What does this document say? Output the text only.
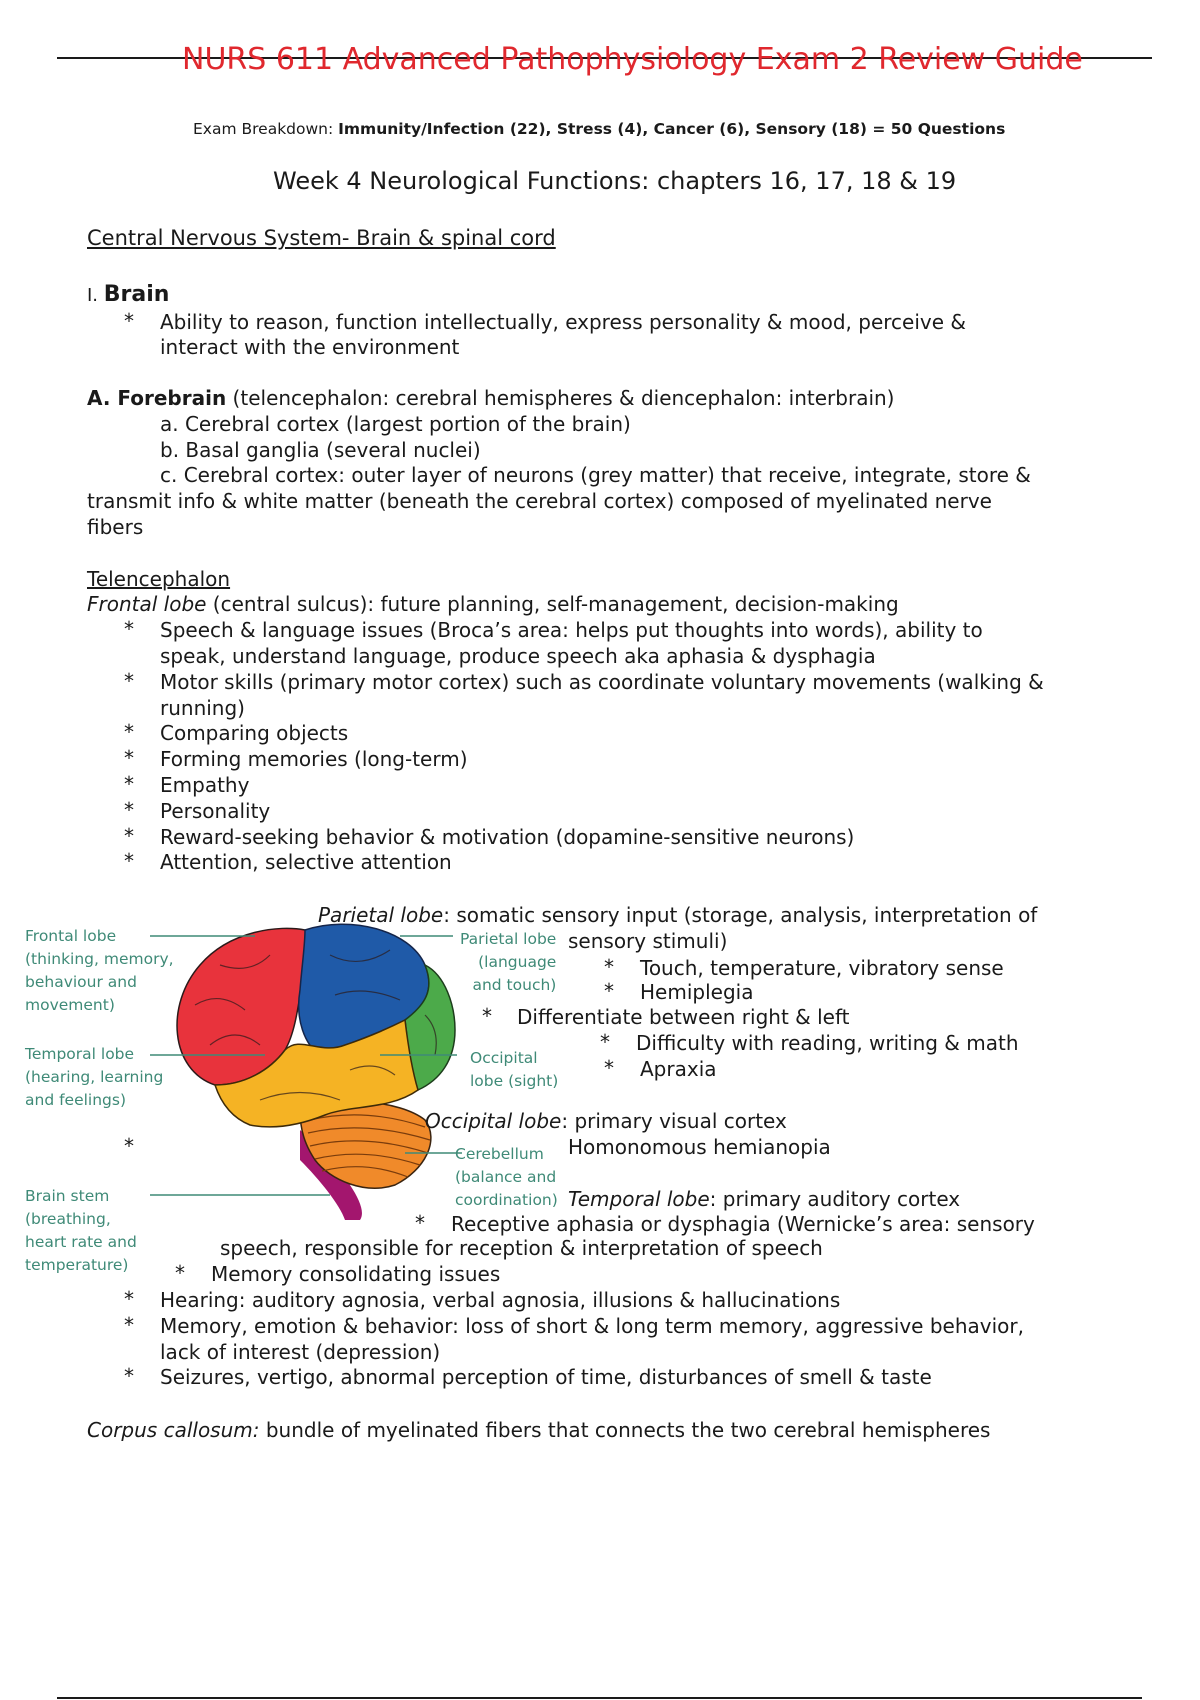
NURS 611 Advanced Pathophysiology Exam 2 Review Guide
Exam Breakdown: Immunity/Infection (22), Stress (4), Cancer (6), Sensory (18) = 50 Questions
Week 4 Neurological Functions: chapters 16, 17, 18 & 19
Central Nervous System- Brain & spinal cord
I. Brain
* Ability to reason, function intellectually, express personality & mood, perceive &
interact with the environment
A. Forebrain (telencephalon: cerebral hemispheres & diencephalon: interbrain)
a. Cerebral cortex (largest portion of the brain)
b. Basal ganglia (several nuclei)
c. Cerebral cortex: outer layer of neurons (grey matter) that receive, integrate, store &
transmit info & white matter (beneath the cerebral cortex) composed of myelinated nerve
fibers
Telencephalon
Frontal lobe (central sulcus): future planning, self-management, decision-making
* Speech & language issues (Broca’s area: helps put thoughts into words), ability to
speak, understand language, produce speech aka aphasia & dysphagia
* Motor skills (primary motor cortex) such as coordinate voluntary movements (walking &
running)
* Comparing objects
* Forming memories (long-term)
* Empathy
* Personality
* Reward-seeking behavior & motivation (dopamine-sensitive neurons)
* Attention, selective attention
Frontal lobe
(thinking, memory,
behaviour and
movement)
Temporal lobe
(hearing, learning
and feelings)
Brain stem
(breathing,
heart rate and
temperature)
Parietal lobe
(language
and touch)
Occipital
lobe (sight)
Cerebellum
(balance and
coordination)
Parietal lobe: somatic sensory input (storage, analysis, interpretation of
sensory stimuli)
* Touch, temperature, vibratory sense
* Hemiplegia
* Differentiate between right & left
* Difficulty with reading, writing & math
* Apraxia
Occipital lobe: primary visual cortex
*	Homonomous hemianopia
Temporal lobe: primary auditory cortex
* Receptive aphasia or dysphagia (Wernicke’s area: sensory
speech, responsible for reception & interpretation of speech
* Memory consolidating issues
* Hearing: auditory agnosia, verbal agnosia, illusions & hallucinations
* Memory, emotion & behavior: loss of short & long term memory, aggressive behavior,
lack of interest (depression)
* Seizures, vertigo, abnormal perception of time, disturbances of smell & taste
Corpus callosum: bundle of myelinated fibers that connects the two cerebral hemispheres
